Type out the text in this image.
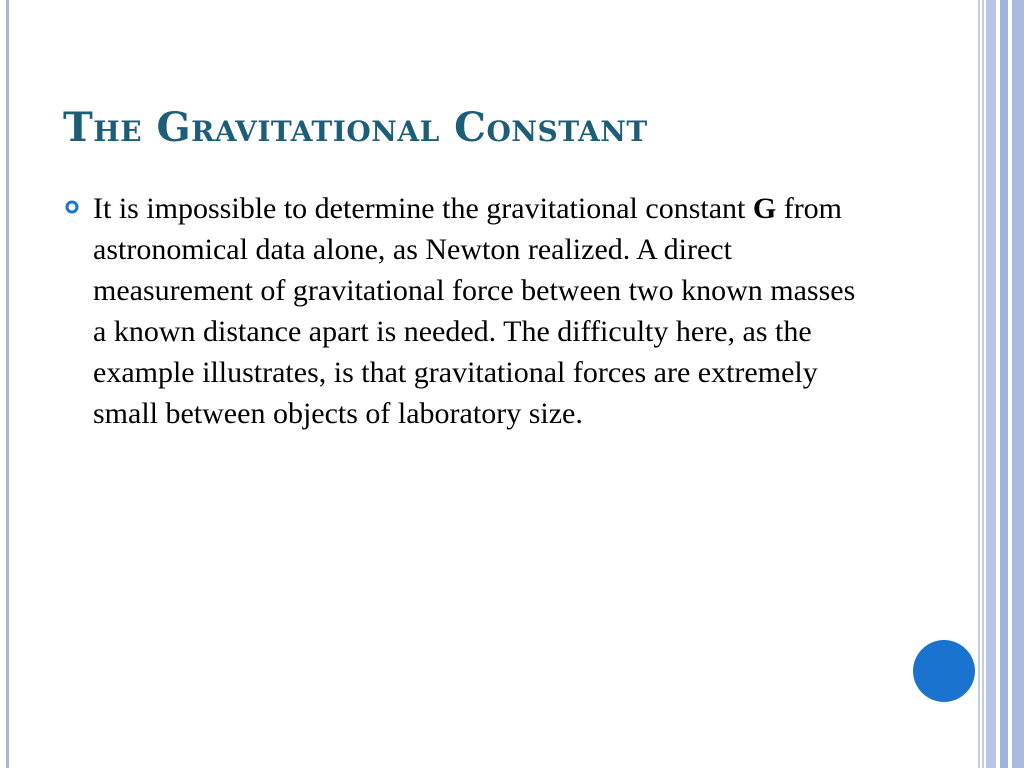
The Gravitational Constant
It is impossible to determine the gravitational constant G from astronomical data alone, as Newton realized. A direct measurement of gravitational force between two known masses a known distance apart is needed. The difficulty here, as the example illustrates, is that gravitational forces are extremely small between objects of laboratory size.
